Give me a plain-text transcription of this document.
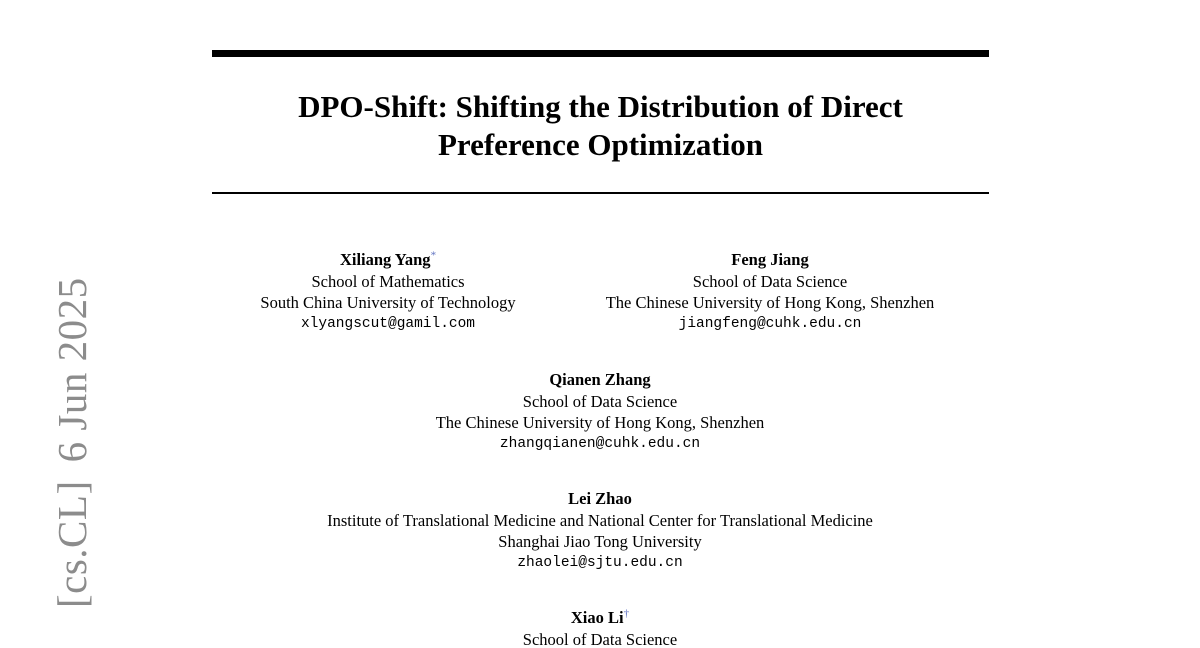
[cs.CL]6 Jun 2025
DPO-Shift: Shifting the Distribution of Direct
Preference Optimization
Xiliang Yang*
School of Mathematics
South China University of Technology
xlyangscut@gamil.com
Feng Jiang
School of Data Science
The Chinese University of Hong Kong, Shenzhen
jiangfeng@cuhk.edu.cn
Qianen Zhang
School of Data Science
The Chinese University of Hong Kong, Shenzhen
zhangqianen@cuhk.edu.cn
Lei Zhao
Institute of Translational Medicine and National Center for Translational Medicine
Shanghai Jiao Tong University
zhaolei@sjtu.edu.cn
Xiao Li†
School of Data Science
